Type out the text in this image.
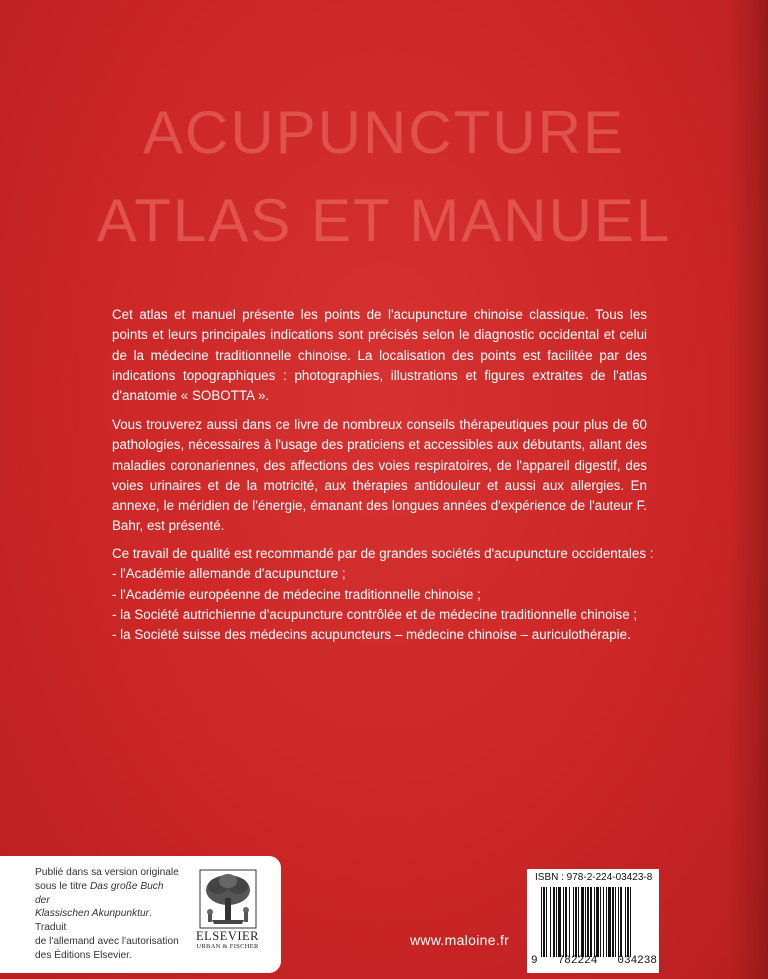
ACUPUNCTURE
ATLAS ET MANUEL
Cet atlas et manuel présente les points de l'acupuncture chinoise classique. Tous les points et leurs principales indications sont précisés selon le diagnostic occidental et celui de la médecine traditionnelle chinoise. La localisation des points est facilitée par des indications topographiques : photographies, illustrations et figures extraites de l'atlas d'anatomie « SOBOTTA ».
Vous trouverez aussi dans ce livre de nombreux conseils thérapeutiques pour plus de 60 pathologies, nécessaires à l'usage des praticiens et accessibles aux débutants, allant des maladies coronariennes, des affections des voies respiratoires, de l'appareil digestif, des voies urinaires et de la motricité, aux thérapies antidouleur et aussi aux allergies. En annexe, le méridien de l'énergie, émanant des longues années d'expérience de l'auteur F. Bahr, est présenté.
Ce travail de qualité est recommandé par de grandes sociétés d'acupuncture occidentales :
- l'Académie allemande d'acupuncture ;
- l'Académie européenne de médecine traditionnelle chinoise ;
- la Société autrichienne d'acupuncture contrôlée et de médecine traditionnelle chinoise ;
- la Société suisse des médecins acupuncteurs – médecine chinoise – auriculothérapie.
Publié dans sa version originale
sous le titre Das große Buch der
Klassischen Akunpunktur. Traduit
de l'allemand avec l'autorisation
des Éditions Elsevier.
ELSEVIER
URBAN & FISCHER	www.maloine.fr
ISBN : 978-2-224-03423-8
9 782224 034238
